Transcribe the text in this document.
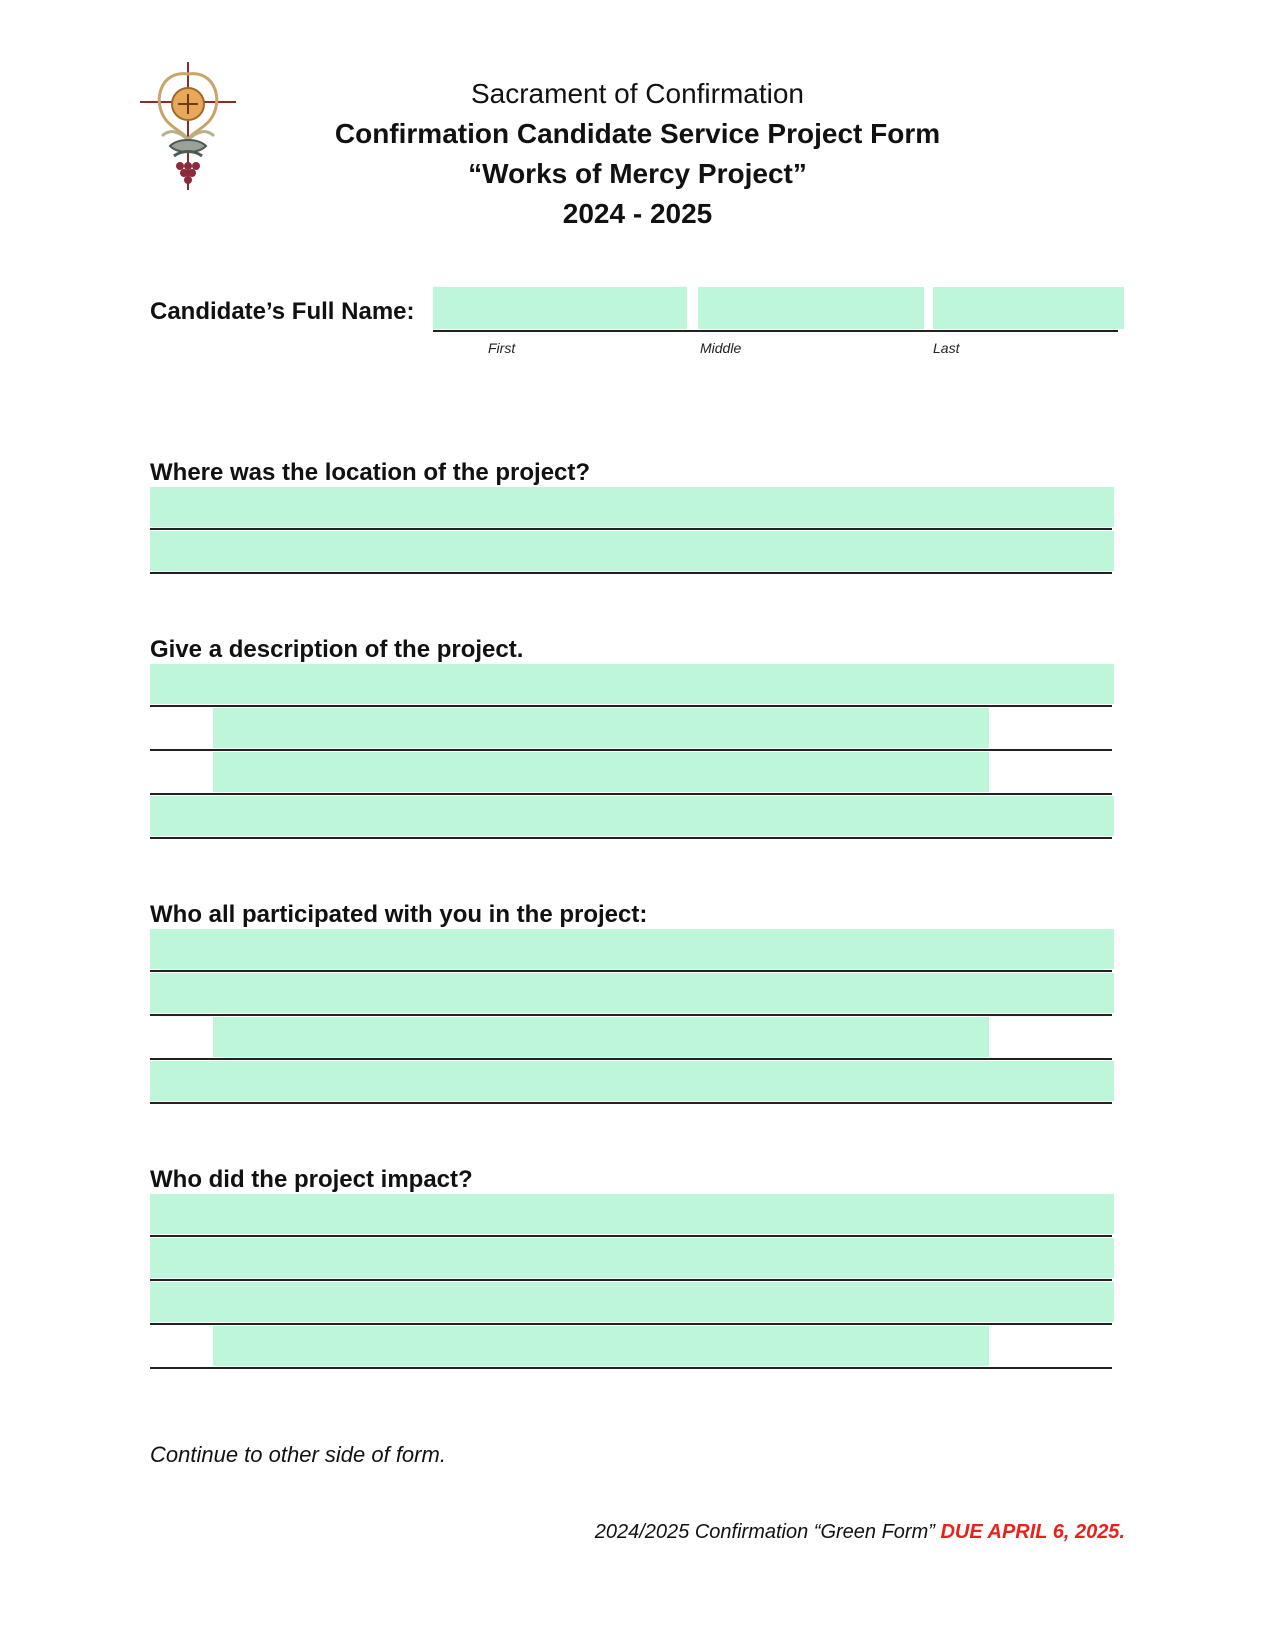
Sacrament of Confirmation
Confirmation Candidate Service Project Form
“Works of Mercy Project”
2024 - 2025
Candidate’s Full Name:
First	Middle	Last
Where was the location of the project?
Give a description of the project.
Who all participated with you in the project:
Who did the project impact?
Continue to other side of form.
2024/2025 Confirmation “Green Form” DUE APRIL 6, 2025.
